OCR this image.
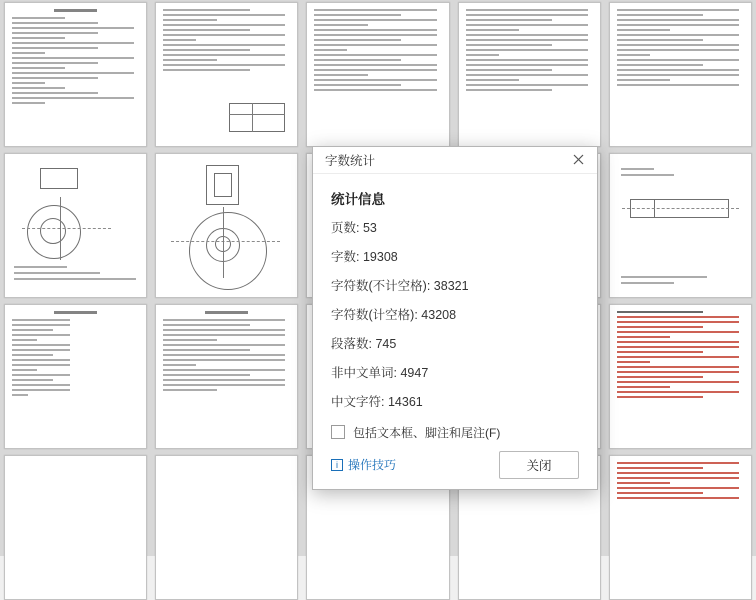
字数统计
统计信息
页数: 53
字数: 19308
字符数(不计空格): 38321
字符数(计空格): 43208
段落数: 745
非中文单词: 4947
中文字符: 14361
包括文本框、脚注和尾注(F)
i 操作技巧	关闭
